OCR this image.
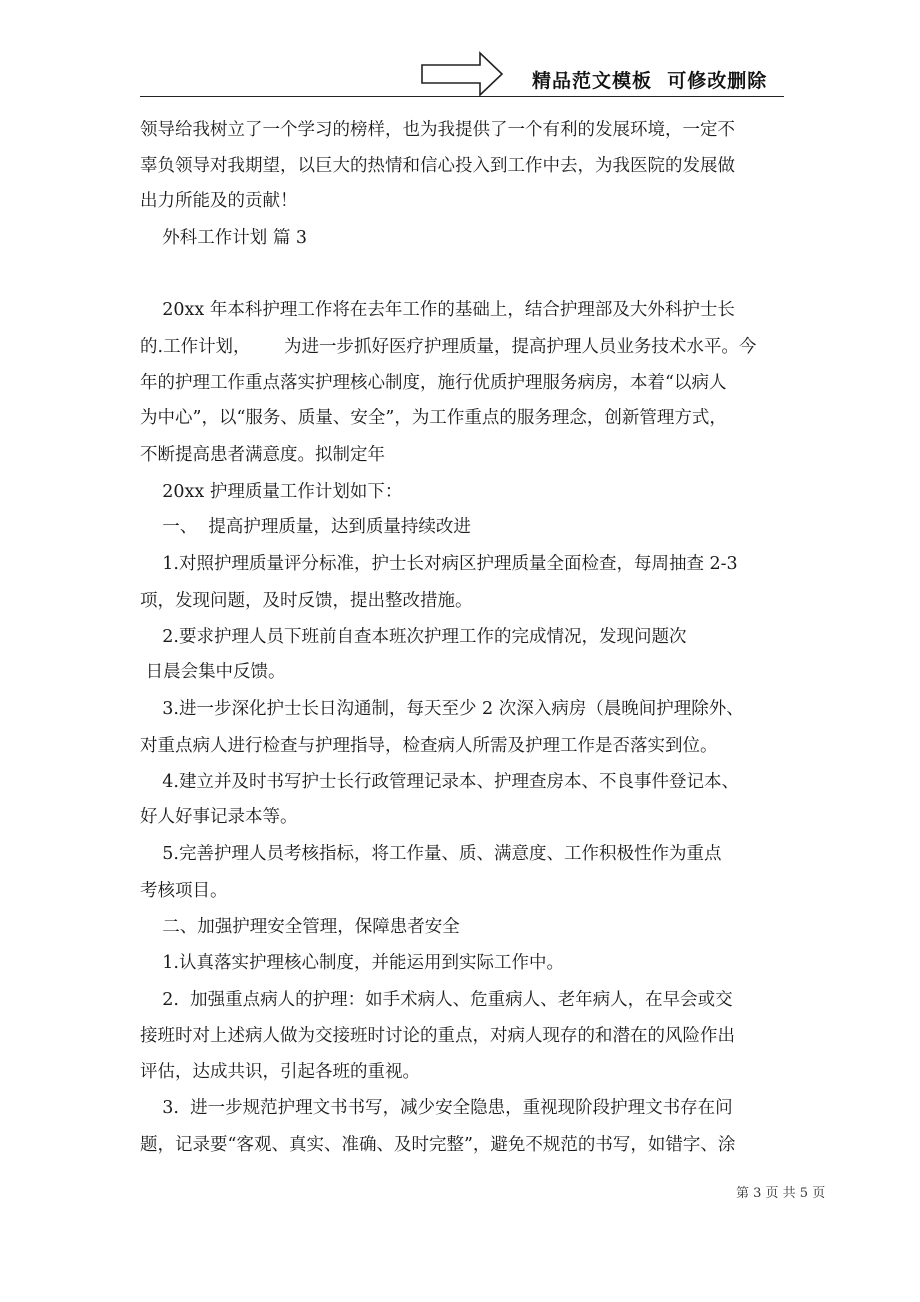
精品范文模板  可修改删除
领导给我树立了一个学习的榜样，也为我提供了一个有利的发展环境，一定不
辜负领导对我期望，以巨大的热情和信心投入到工作中去，为我医院的发展做
出力所能及的贡献！
外科工作计划 篇 3
20xx 年本科护理工作将在去年工作的基础上，结合护理部及大外科护士长
的.工作计划，      为进一步抓好医疗护理质量，提高护理人员业务技术水平。今
年的护理工作重点落实护理核心制度，施行优质护理服务病房，本着“以病人
为中心”，以“服务、质量、安全”，为工作重点的服务理念，创新管理方式，
不断提高患者满意度。拟制定年
20xx 护理质量工作计划如下：
一、  提高护理质量，达到质量持续改进
1.对照护理质量评分标准，护士长对病区护理质量全面检查，每周抽查 2-3
项，发现问题，及时反馈，提出整改措施。
2.要求护理人员下班前自查本班次护理工作的完成情况，发现问题次
日晨会集中反馈。
3.进一步深化护士长日沟通制，每天至少 2 次深入病房（晨晚间护理除外、
对重点病人进行检查与护理指导，检查病人所需及护理工作是否落实到位。
4.建立并及时书写护士长行政管理记录本、护理查房本、不良事件登记本、
好人好事记录本等。
5.完善护理人员考核指标，将工作量、质、满意度、工作积极性作为重点
考核项目。
二、加强护理安全管理，保障患者安全
1.认真落实护理核心制度，并能运用到实际工作中。
2.  加强重点病人的护理：如手术病人、危重病人、老年病人，在早会或交
接班时对上述病人做为交接班时讨论的重点，对病人现存的和潜在的风险作出
评估，达成共识，引起各班的重视。
3.  进一步规范护理文书书写，减少安全隐患，重视现阶段护理文书存在问
题，记录要“客观、真实、准确、及时完整”，避免不规范的书写，如错字、涂
第 3 页 共 5 页
